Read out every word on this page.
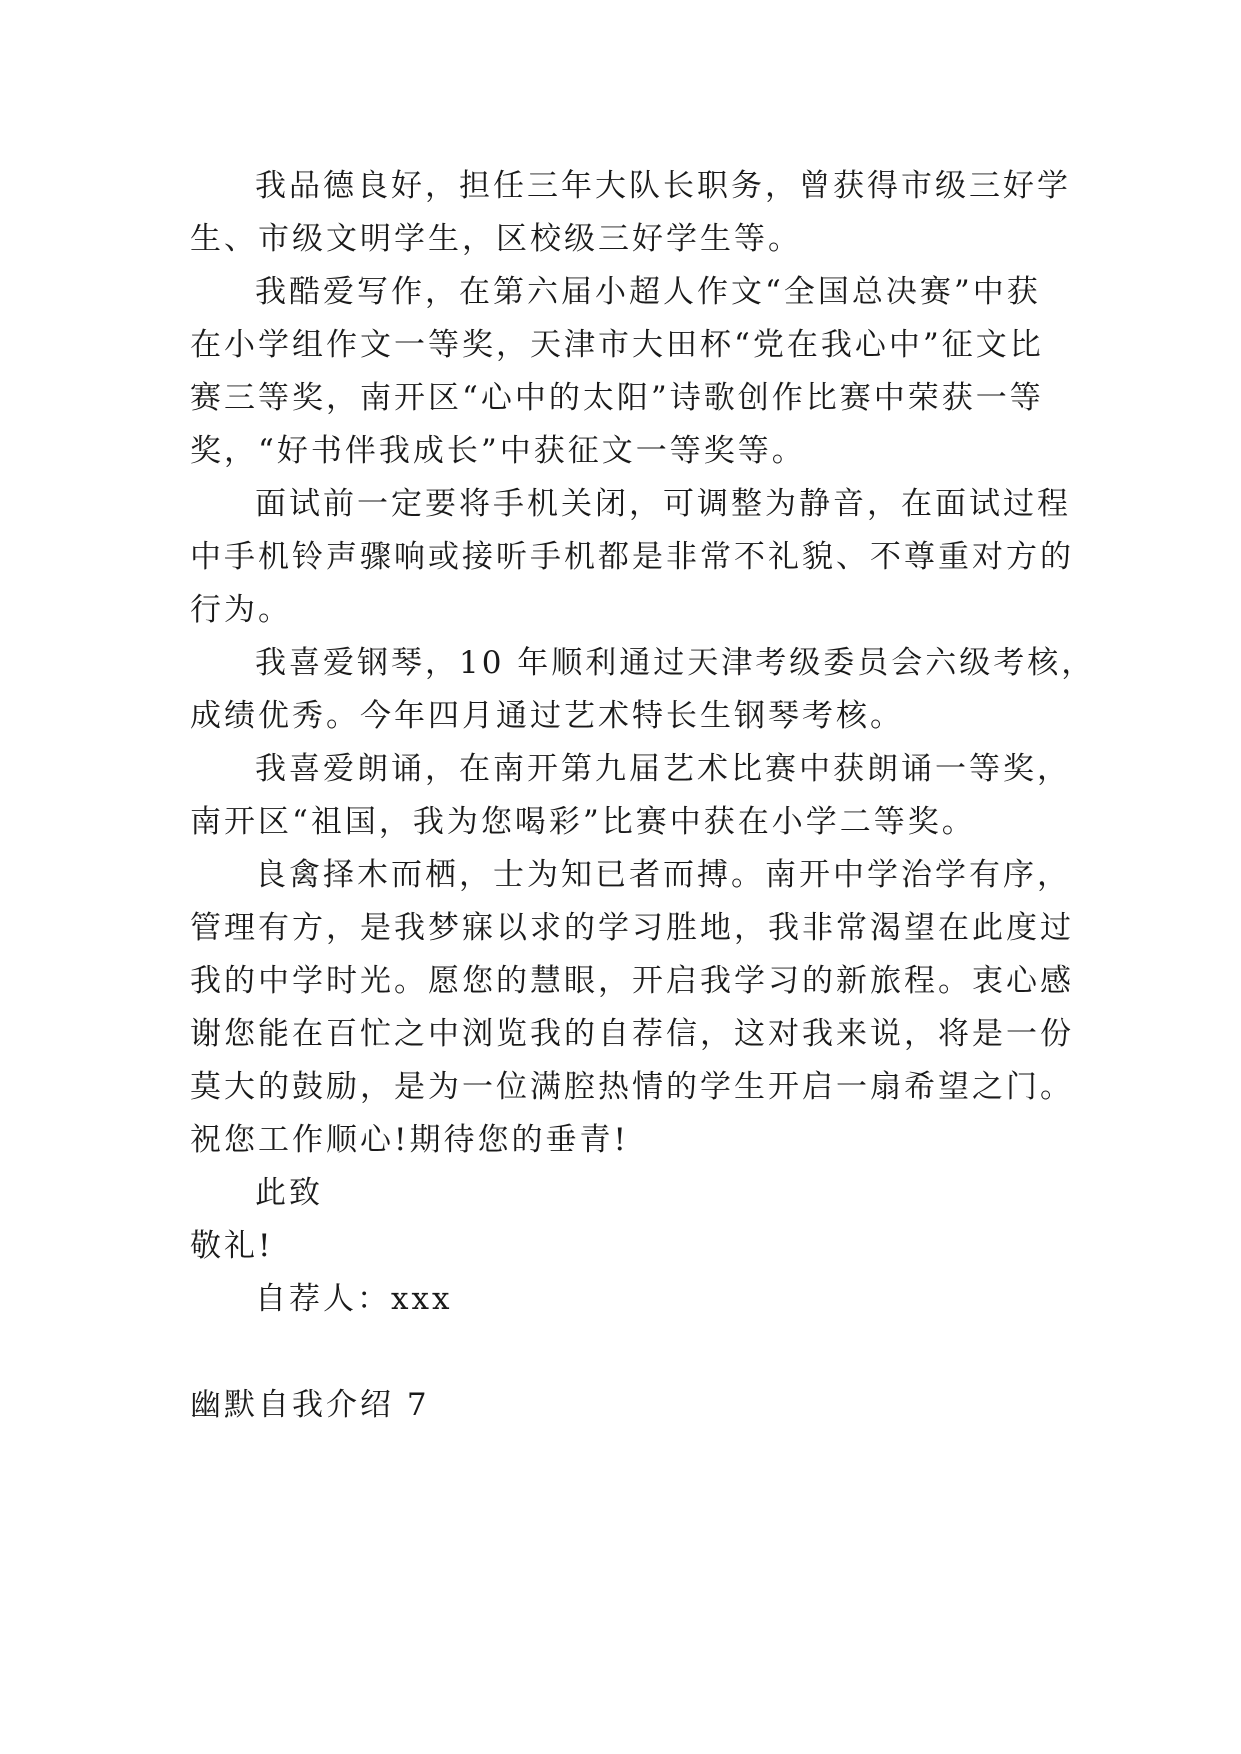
我品德良好，担任三年大队长职务，曾获得市级三好学
生、市级文明学生，区校级三好学生等。
我酷爱写作，在第六届小超人作文“全国总决赛”中获
在小学组作文一等奖，天津市大田杯“党在我心中”征文比
赛三等奖，南开区“心中的太阳”诗歌创作比赛中荣获一等
奖，“好书伴我成长”中获征文一等奖等。
面试前一定要将手机关闭，可调整为静音，在面试过程
中手机铃声骤响或接听手机都是非常不礼貌、不尊重对方的
行为。
我喜爱钢琴，10 年顺利通过天津考级委员会六级考核，
成绩优秀。今年四月通过艺术特长生钢琴考核。
我喜爱朗诵，在南开第九届艺术比赛中获朗诵一等奖，
南开区“祖国，我为您喝彩”比赛中获在小学二等奖。
良禽择木而栖，士为知已者而搏。南开中学治学有序，
管理有方，是我梦寐以求的学习胜地，我非常渴望在此度过
我的中学时光。愿您的慧眼，开启我学习的新旅程。衷心感
谢您能在百忙之中浏览我的自荐信，这对我来说，将是一份
莫大的鼓励，是为一位满腔热情的学生开启一扇希望之门。
祝您工作顺心!期待您的垂青!
此致
敬礼!
自荐人：xxx
幽默自我介绍 7
